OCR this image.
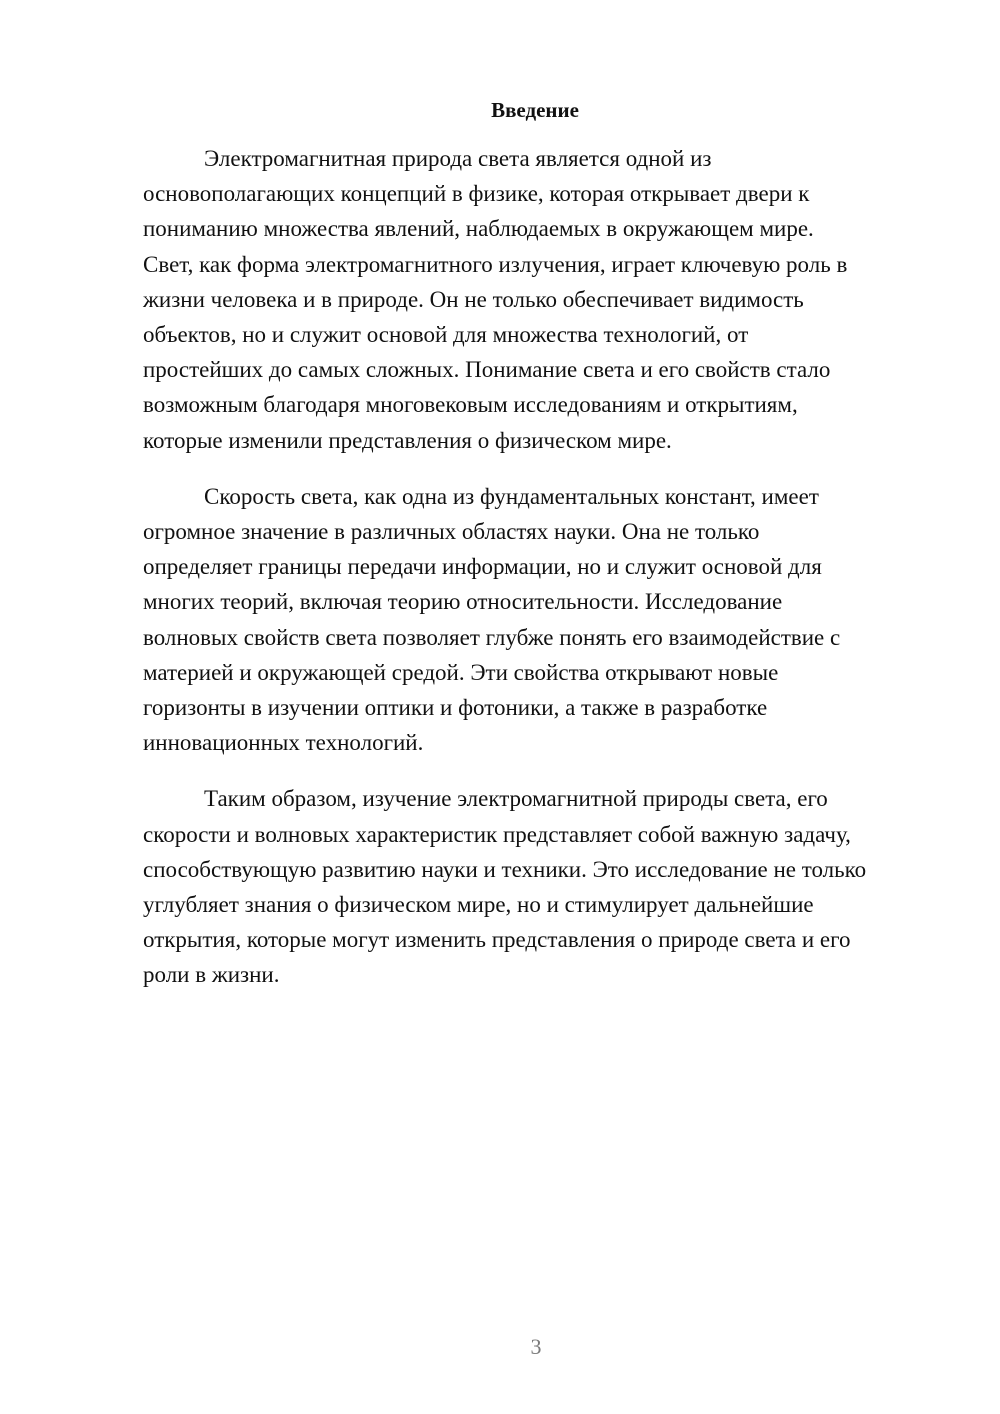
Введение

Электромагнитная природа света является одной из
основополагающих концепций в физике, которая открывает двери к
пониманию множества явлений, наблюдаемых в окружающем мире.
Свет, как форма электромагнитного излучения, играет ключевую роль в
жизни человека и в природе. Он не только обеспечивает видимость
объектов, но и служит основой для множества технологий, от
простейших до самых сложных. Понимание света и его свойств стало
возможным благодаря многовековым исследованиям и открытиям,
которые изменили представления о физическом мире.

Скорость света, как одна из фундаментальных констант, имеет
огромное значение в различных областях науки. Она не только
определяет границы передачи информации, но и служит основой для
многих теорий, включая теорию относительности. Исследование
волновых свойств света позволяет глубже понять его взаимодействие с
материей и окружающей средой. Эти свойства открывают новые
горизонты в изучении оптики и фотоники, а также в разработке
инновационных технологий.

Таким образом, изучение электромагнитной природы света, его
скорости и волновых характеристик представляет собой важную задачу,
способствующую развитию науки и техники. Это исследование не только
углубляет знания о физическом мире, но и стимулирует дальнейшие
открытия, которые могут изменить представления о природе света и его
роли в жизни.

3
